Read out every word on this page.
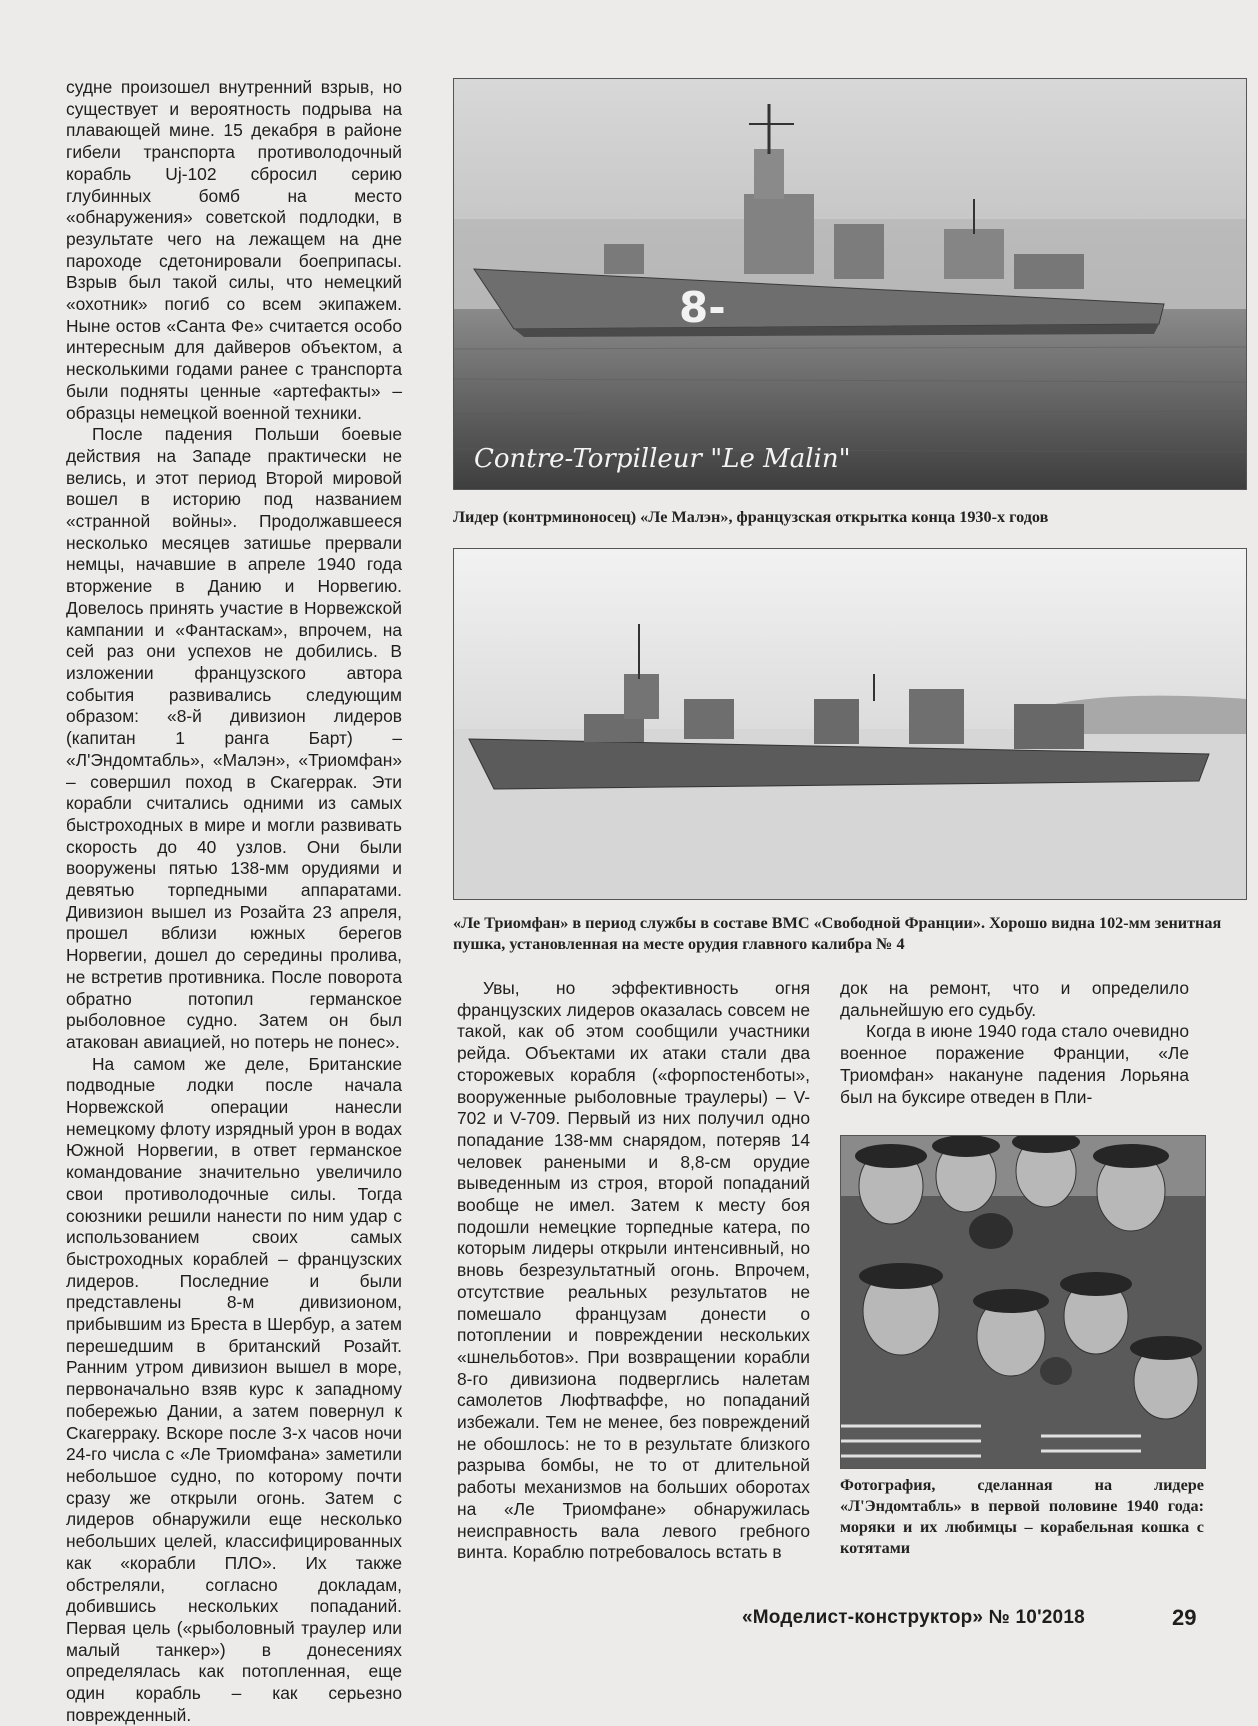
судне произошел внутренний взрыв, но существует и вероятность подрыва на плавающей мине. 15 декабря в районе гибели транспорта противолодочный корабль Uj-102 сбросил серию глубинных бомб на место «обнаружения» советской подлодки, в результате чего на лежащем на дне пароходе сдетонировали боеприпасы. Взрыв был такой силы, что немецкий «охотник» погиб со всем экипажем. Ныне остов «Санта Фе» считается особо интересным для дайверов объектом, а несколькими годами ранее с транспорта были подняты ценные «артефакты» – образцы немецкой военной техники.

После падения Польши боевые действия на Западе практически не велись, и этот период Второй мировой вошел в историю под названием «странной войны». Продолжавшееся несколько месяцев затишье прервали немцы, начавшие в апреле 1940 года вторжение в Данию и Норвегию. Довелось принять участие в Норвежской кампании и «Фантаскам», впрочем, на сей раз они успехов не добились. В изложении французского автора события развивались следующим образом: «8-й дивизион лидеров (капитан 1 ранга Барт) – «Л'Эндомтабль», «Малэн», «Триомфан» – совершил поход в Скагеррак. Эти корабли считались одними из самых быстроходных в мире и могли развивать скорость до 40 узлов. Они были вооружены пятью 138-мм орудиями и девятью торпедными аппаратами. Дивизион вышел из Розайта 23 апреля, прошел вблизи южных берегов Норвегии, дошел до середины пролива, не встретив противника. После поворота обратно потопил германское рыболовное судно. Затем он был атакован авиацией, но потерь не понес».

На самом же деле, Британские подводные лодки после начала Норвежской операции нанесли немецкому флоту изрядный урон в водах Южной Норвегии, в ответ германское командование значительно увеличило свои противолодочные силы. Тогда союзники решили нанести по ним удар с использованием своих самых быстроходных кораблей – французских лидеров. Последние и были представлены 8-м дивизионом, прибывшим из Бреста в Шербур, а затем перешедшим в британский Розайт. Ранним утром дивизион вышел в море, первоначально взяв курс к западному побережью Дании, а затем повернул к Скагерраку. Вскоре после 3-х часов ночи 24-го числа с «Ле Триомфана» заметили небольшое судно, по которому почти сразу же открыли огонь. Затем с лидеров обнаружили еще несколько небольших целей, классифицированных как «корабли ПЛО». Их также обстреляли, согласно докладам, добившись нескольких попаданий. Первая цель («рыболовный траулер или малый танкер») в донесениях определялась как потопленная, еще один корабль – как серьезно поврежденный.

8-
Contre-Torpilleur "Le Malin"
Лидер (контрминоносец) «Ле Малэн», французская открытка конца 1930-х годов
«Ле Триомфан» в период службы в составе ВМС «Свободной Франции». Хорошо видна 102-мм зенитная пушка, установленная на месте орудия главного калибра № 4

Увы, но эффективность огня французских лидеров оказалась совсем не такой, как об этом сообщили участники рейда. Объектами их атаки стали два сторожевых корабля («форпостенботы», вооруженные рыболовные траулеры) – V-702 и V-709. Первый из них получил одно попадание 138-мм снарядом, потеряв 14 человек ранеными и 8,8-см орудие выведенным из строя, второй попаданий вообще не имел. Затем к месту боя подошли немецкие торпедные катера, по которым лидеры открыли интенсивный, но вновь безрезультатный огонь. Впрочем, отсутствие реальных результатов не помешало французам донести о потоплении и повреждении нескольких «шнельботов». При возвращении корабли 8-го дивизиона подверглись налетам самолетов Люфтваффе, но попаданий избежали. Тем не менее, без повреждений не обошлось: не то в результате близкого разрыва бомбы, не то от длительной работы механизмов на больших оборотах на «Ле Триомфане» обнаружилась неисправность вала левого гребного винта. Кораблю потребовалось встать в

док на ремонт, что и определило дальнейшую его судьбу.

Когда в июне 1940 года стало очевидно военное поражение Франции, «Ле Триомфан» накануне падения Лорьяна был на буксире отведен в Пли-

Фотография, сделанная на лидере «Л'Эндомтабль» в первой половине 1940 года: моряки и их любимцы – корабельная кошка с котятами
«Моделист-конструктор» № 10'2018	29
